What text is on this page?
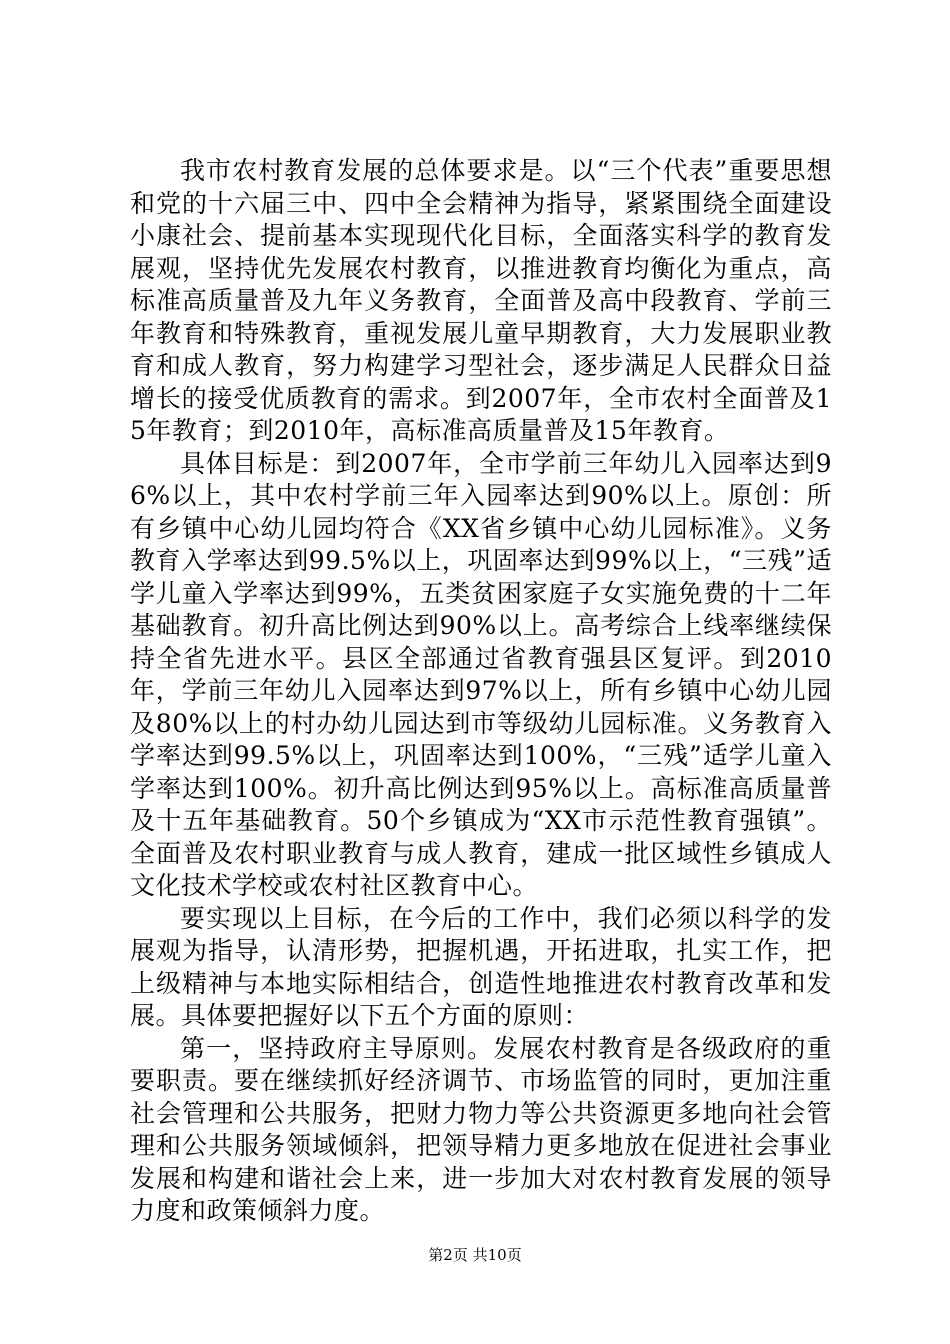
我市农村教育发展的总体要求是。以“三个代表”重要思想和党的十六届三中、四中全会精神为指导，紧紧围绕全面建设小康社会、提前基本实现现代化目标，全面落实科学的教育发展观，坚持优先发展农村教育，以推进教育均衡化为重点，高标准高质量普及九年义务教育，全面普及高中段教育、学前三年教育和特殊教育，重视发展儿童早期教育，大力发展职业教育和成人教育，努力构建学习型社会，逐步满足人民群众日益增长的接受优质教育的需求。到2007年，全市农村全面普及15年教育；到2010年，高标准高质量普及15年教育。

具体目标是：到2007年，全市学前三年幼儿入园率达到96%以上，其中农村学前三年入园率达到90%以上。原创：所有乡镇中心幼儿园均符合《XX省乡镇中心幼儿园标准》。义务教育入学率达到99.5%以上，巩固率达到99%以上，“三残”适学儿童入学率达到99%，五类贫困家庭子女实施免费的十二年基础教育。初升高比例达到90%以上。高考综合上线率继续保持全省先进水平。县区全部通过省教育强县区复评。到2010年，学前三年幼儿入园率达到97%以上，所有乡镇中心幼儿园及80%以上的村办幼儿园达到市等级幼儿园标准。义务教育入学率达到99.5%以上，巩固率达到100%，“三残”适学儿童入学率达到100%。初升高比例达到95%以上。高标准高质量普及十五年基础教育。50个乡镇成为“XX市示范性教育强镇”。全面普及农村职业教育与成人教育，建成一批区域性乡镇成人文化技术学校或农村社区教育中心。

要实现以上目标，在今后的工作中，我们必须以科学的发展观为指导，认清形势，把握机遇，开拓进取，扎实工作，把上级精神与本地实际相结合，创造性地推进农村教育改革和发展。具体要把握好以下五个方面的原则：

第一，坚持政府主导原则。发展农村教育是各级政府的重要职责。要在继续抓好经济调节、市场监管的同时，更加注重社会管理和公共服务，把财力物力等公共资源更多地向社会管理和公共服务领域倾斜，把领导精力更多地放在促进社会事业发展和构建和谐社会上来，进一步加大对农村教育发展的领导力度和政策倾斜力度。

第2页 共10页
